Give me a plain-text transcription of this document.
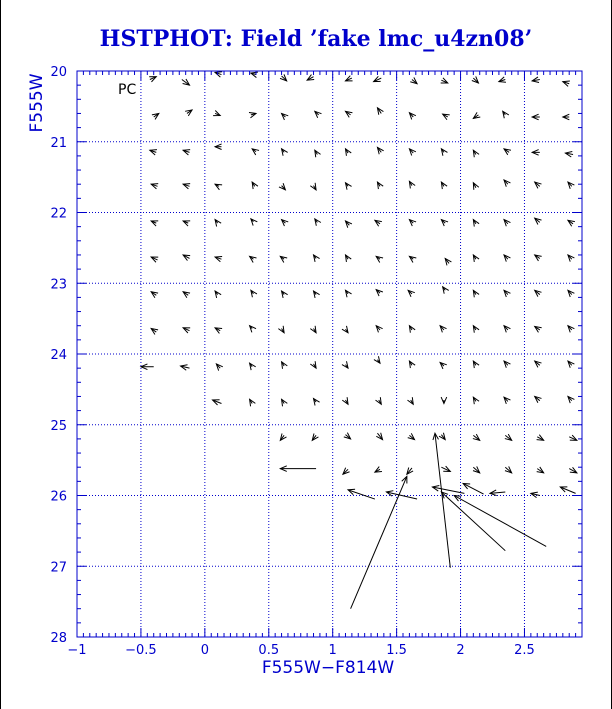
HSTPHOT: Field ’fake lmc_u4zn08’
−1	−0.5	0	0.5	1	1.5	2	2.5
20
21
22
23
24
25
26
27
28
PC
F555W−F814W
F555W
